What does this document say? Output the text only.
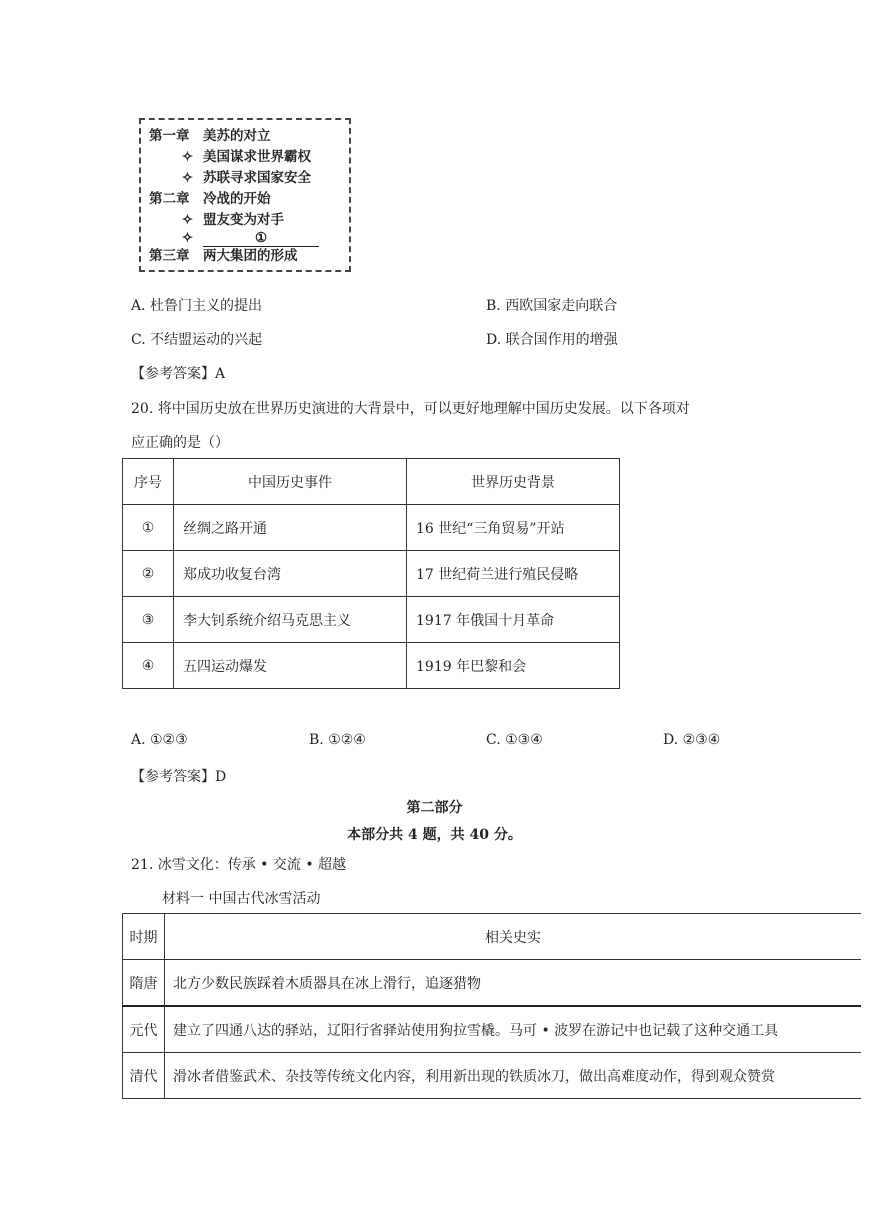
第一章 美苏的对立
✧ 美国谋求世界霸权
✧ 苏联寻求国家安全
第二章 冷战的开始
✧ 盟友变为对手
✧	①
第三章 两大集团的形成
A. 杜鲁门主义的提出	B. 西欧国家走向联合
C. 不结盟运动的兴起	D. 联合国作用的增强
【参考答案】A
20. 将中国历史放在世界历史演进的大背景中，可以更好地理解中国历史发展。以下各项对
应正确的是（）
序号	中国历史事件	世界历史背景
①	丝绸之路开通	16 世纪“三角贸易”开站
②	郑成功收复台湾	17 世纪荷兰进行殖民侵略
③	李大钊系统介绍马克思主义	1917 年俄国十月革命
④	五四运动爆发	1919 年巴黎和会
A. ①②③	B. ①②④	C. ①③④	D. ②③④
【参考答案】D
第二部分
本部分共 4 题，共 40 分。
21. 冰雪文化：传承 • 交流 • 超越
材料一 中国古代冰雪活动
时期	相关史实
隋唐	北方少数民族踩着木质器具在冰上滑行，追逐猎物
元代	建立了四通八达的驿站，辽阳行省驿站使用狗拉雪橇。马可 • 波罗在游记中也记载了这种交通工具
清代	滑冰者借鉴武术、杂技等传统文化内容，利用新出现的铁质冰刀，做出高难度动作，得到观众赞赏
